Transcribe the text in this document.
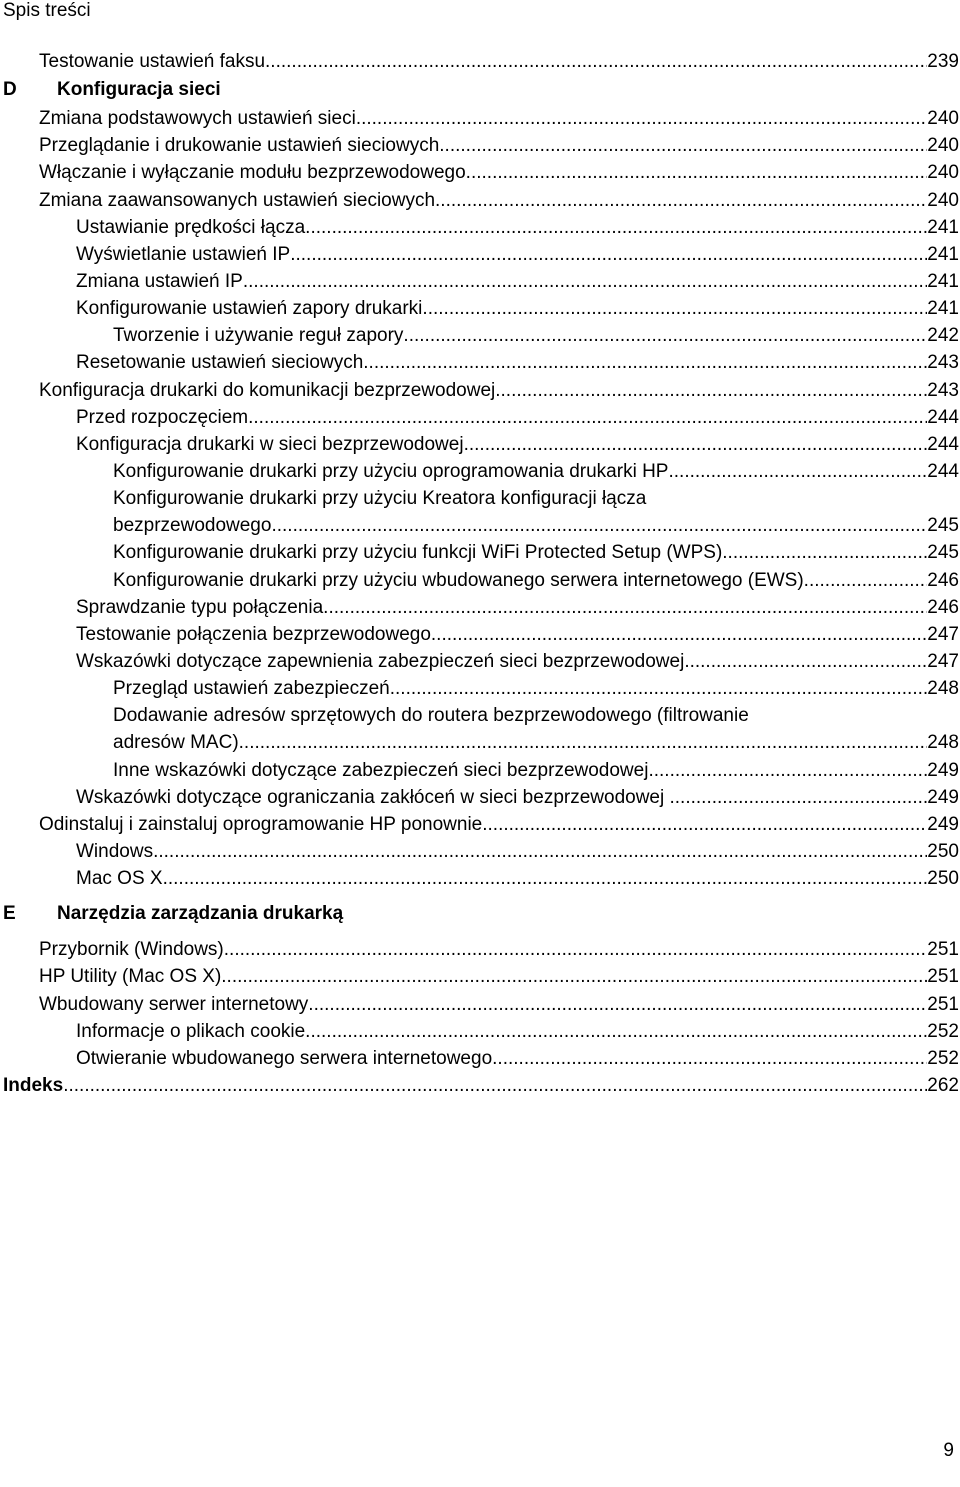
Spis treści
Testowanie ustawień faksu .....	239
D Konfiguracja sieci
Zmiana podstawowych ustawień sieci .....	240
Przeglądanie i drukowanie ustawień sieciowych .....	240
Włączanie i wyłączanie modułu bezprzewodowego .....	240
Zmiana zaawansowanych ustawień sieciowych .....	240
Ustawianie prędkości łącza .....	241
Wyświetlanie ustawień IP .....	241
Zmiana ustawień IP .....	241
Konfigurowanie ustawień zapory drukarki .....	241
Tworzenie i używanie reguł zapory .....	242
Resetowanie ustawień sieciowych .....	243
Konfiguracja drukarki do komunikacji bezprzewodowej .....	243
Przed rozpoczęciem .....	244
Konfiguracja drukarki w sieci bezprzewodowej .....	244
Konfigurowanie drukarki przy użyciu oprogramowania drukarki HP .....	244
Konfigurowanie drukarki przy użyciu Kreatora konfiguracji łącza
bezprzewodowego .....	245
Konfigurowanie drukarki przy użyciu funkcji WiFi Protected Setup (WPS) .....	245
Konfigurowanie drukarki przy użyciu wbudowanego serwera internetowego (EWS) .....	246
Sprawdzanie typu połączenia .....	246
Testowanie połączenia bezprzewodowego .....	247
Wskazówki dotyczące zapewnienia zabezpieczeń sieci bezprzewodowej .....	247
Przegląd ustawień zabezpieczeń .....	248
Dodawanie adresów sprzętowych do routera bezprzewodowego (filtrowanie
adresów MAC) .....	248
Inne wskazówki dotyczące zabezpieczeń sieci bezprzewodowej .....	249
Wskazówki dotyczące ograniczania zakłóceń w sieci bezprzewodowej .....	249
Odinstaluj i zainstaluj oprogramowanie HP ponownie .....	249
Windows .....	250
Mac OS X .....	250
E Narzędzia zarządzania drukarką
Przybornik (Windows) .....	251
HP Utility (Mac OS X) .....	251
Wbudowany serwer internetowy .....	251
Informacje o plikach cookie .....	252
Otwieranie wbudowanego serwera internetowego .....	252
Indeks .....	262
9
